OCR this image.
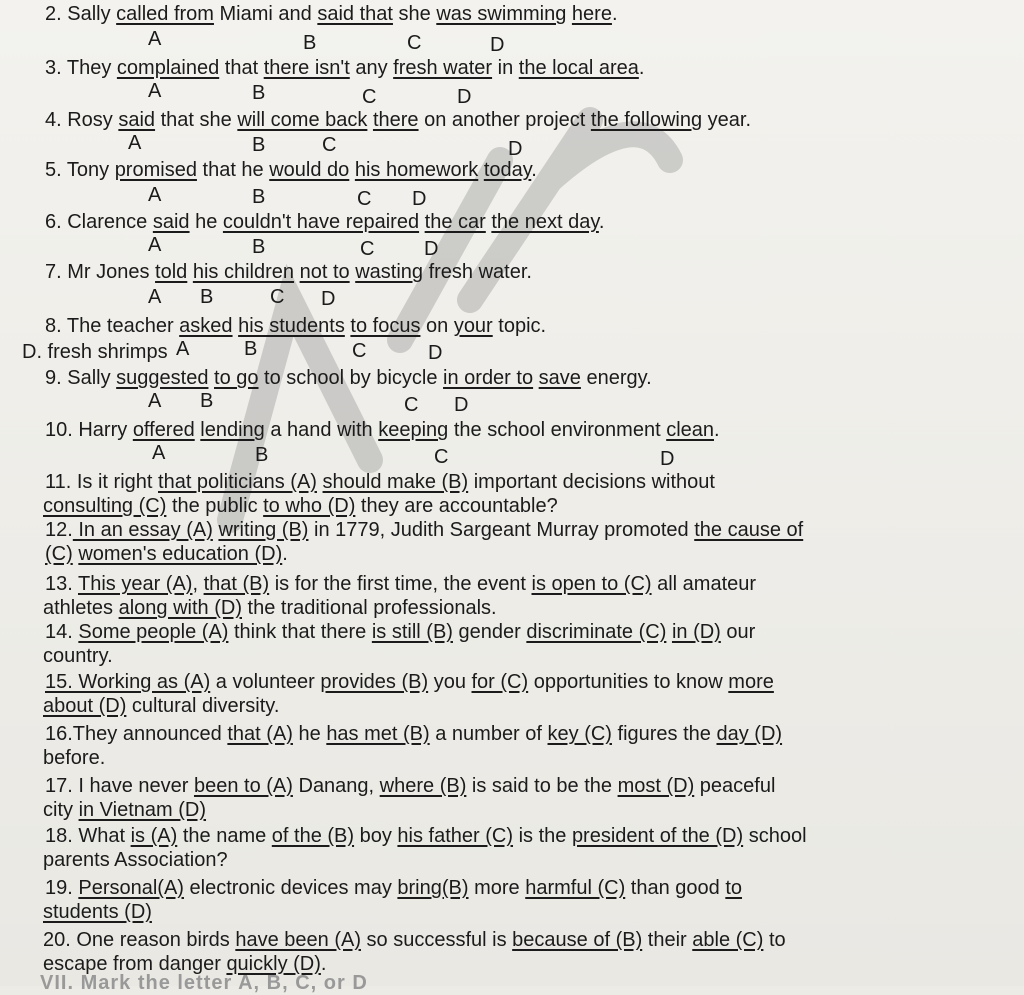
2. Sally called from Miami and said that she was swimming here.
A	B	C	D
3. They complained that there isn't any fresh water in the local area.
A	B	C	D
4. Rosy said that she will come back there on another project the following year.
A	B	C	D
5. Tony promised that he would do his homework today.
A	B	C D
6. Clarence said he couldn't have repaired the car the next day.
A	B	C D
7. Mr Jones told his children not to wasting fresh water.
A B	C D
8. The teacher asked his students to focus on your topic.
A	B	C	D
9. Sally suggested to go to school by bicycle in order to save energy.
A B	C D
10. Harry offered lending a hand with keeping the school environment clean.
A	B	C	D
11. Is it right that politicians (A) should make (B) important decisions without
consulting (C) the public to who (D) they are accountable?
12. In an essay (A) writing (B) in 1779, Judith Sargeant Murray promoted the cause of
(C) women's education (D).
13. This year (A), that (B) is for the first time, the event is open to (C) all amateur
athletes along with (D) the traditional professionals.
14. Some people (A) think that there is still (B) gender discriminate (C) in (D) our
country.
15. Working as (A) a volunteer provides (B) you for (C) opportunities to know more
about (D) cultural diversity.
16.They announced that (A) he has met (B) a number of key (C) figures the day (D)
before.
17. I have never been to (A) Danang, where (B) is said to be the most (D) peaceful
city in Vietnam (D)
18. What is (A) the name of the (B) boy his father (C) is the president of the (D) school
parents Association?
19. Personal(A) electronic devices may bring(B) more harmful (C) than good to
students (D)
20. One reason birds have been (A) so successful is because of (B) their able (C) to
escape from danger quickly (D).
D. fresh shrimps
VII. Mark the letter A, B, C, or D
